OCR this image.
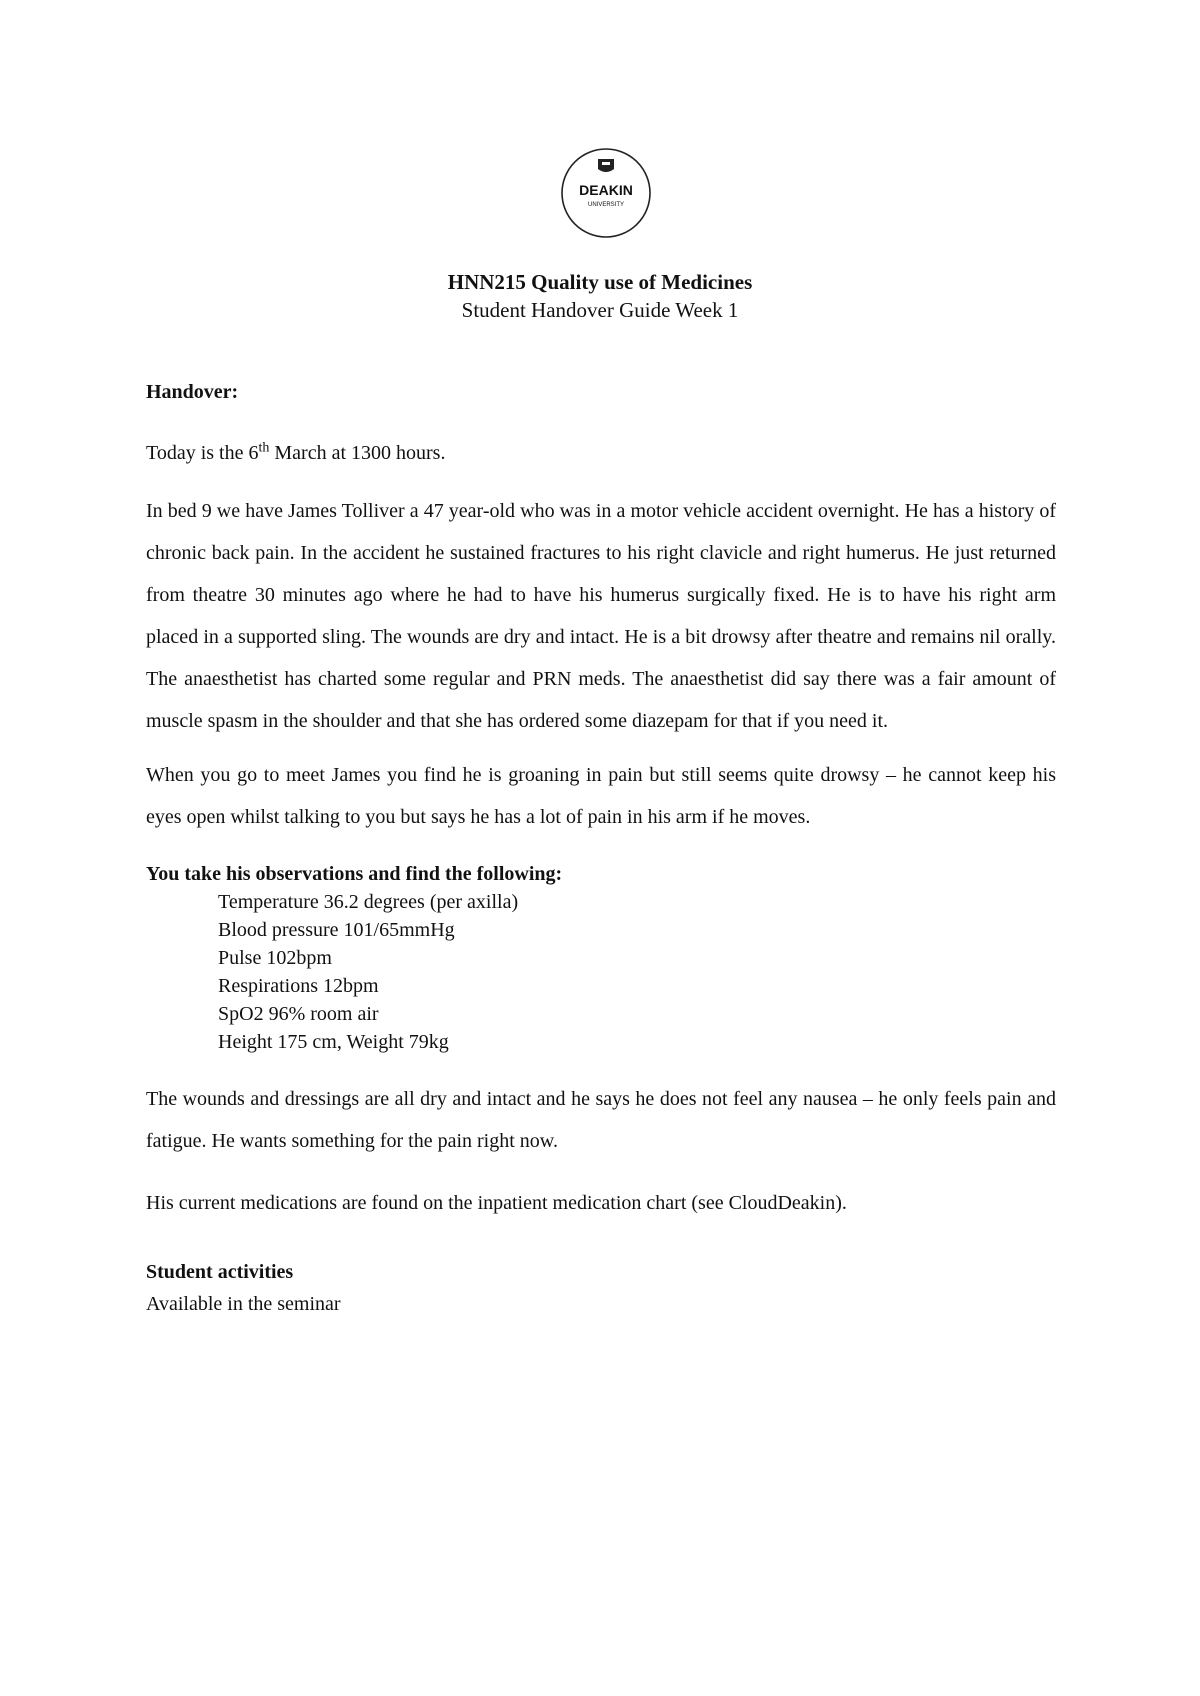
DEAKIN
UNIVERSITY

HNN215 Quality use of Medicines

Student Handover Guide Week 1

Handover:

Today is the 6th March at 1300 hours.

In bed 9 we have James Tolliver a 47 year-old who was in a motor vehicle accident overnight. He has a history of chronic back pain. In the accident he sustained fractures to his right clavicle and right humerus. He just returned from theatre 30 minutes ago where he had to have his humerus surgically fixed. He is to have his right arm placed in a supported sling. The wounds are dry and intact. He is a bit drowsy after theatre and remains nil orally. The anaesthetist has charted some regular and PRN meds. The anaesthetist did say there was a fair amount of muscle spasm in the shoulder and that she has ordered some diazepam for that if you need it.

When you go to meet James you find he is groaning in pain but still seems quite drowsy – he cannot keep his eyes open whilst talking to you but says he has a lot of pain in his arm if he moves.

You take his observations and find the following:

Temperature 36.2 degrees (per axilla)
Blood pressure 101/65mmHg
Pulse 102bpm
Respirations 12bpm
SpO2 96% room air
Height 175 cm, Weight 79kg

The wounds and dressings are all dry and intact and he says he does not feel any nausea – he only feels pain and fatigue. He wants something for the pain right now.

His current medications are found on the inpatient medication chart (see CloudDeakin).

Student activities

Available in the seminar
